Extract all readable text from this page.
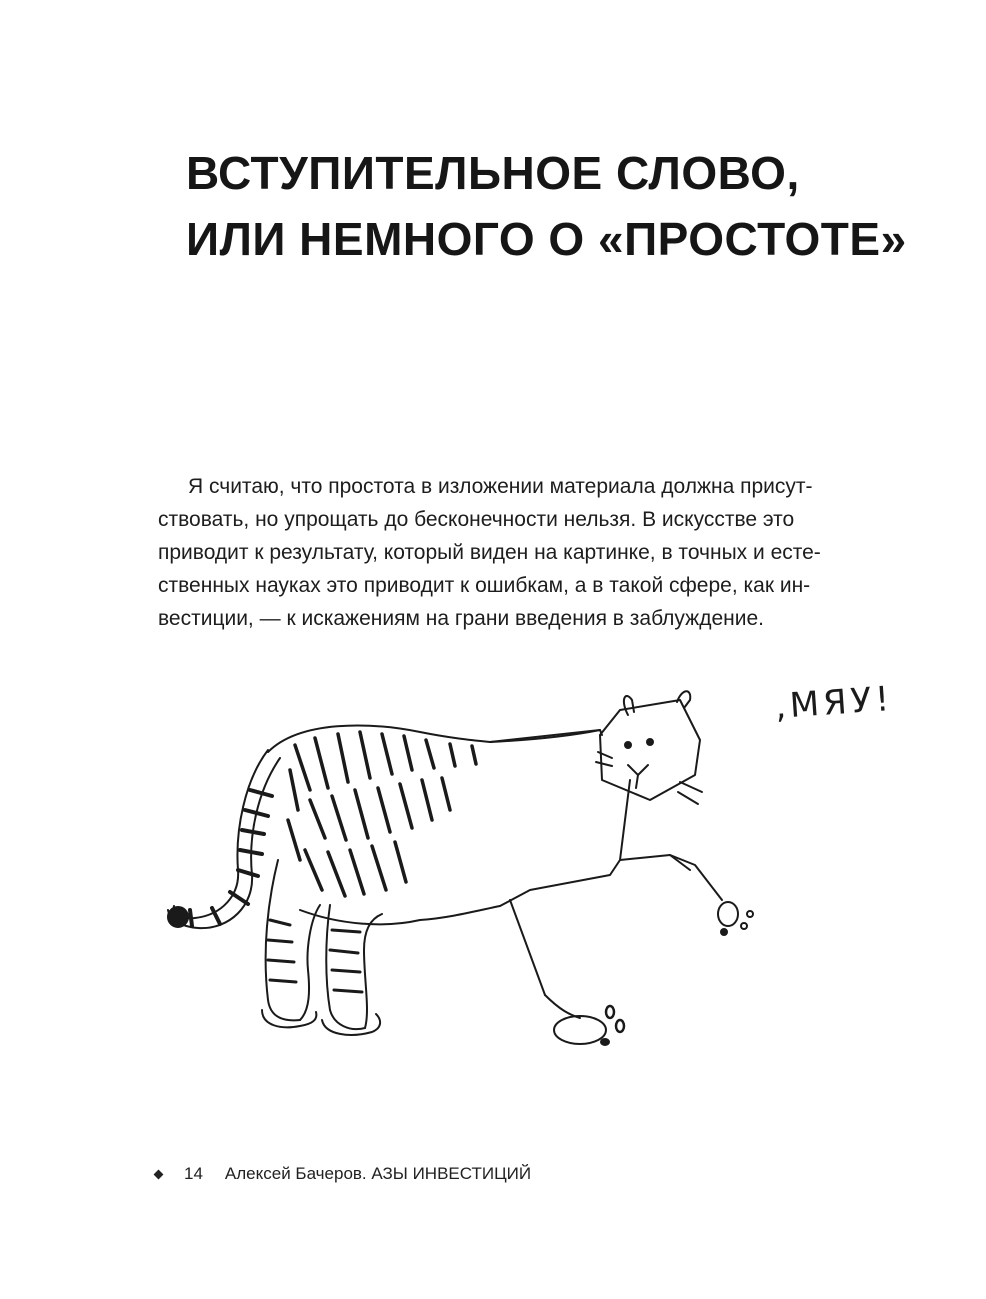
ВСТУПИТЕЛЬНОЕ СЛОВО,
ИЛИ НЕМНОГО О «ПРОСТОТЕ»
Я считаю, что простота в изложении материала должна присут-
ствовать, но упрощать до бесконечности нельзя. В искусстве это
приводит к результату, который виден на картинке, в точных и есте-
ственных науках это приводит к ошибкам, а в такой сфере, как ин-
вестиции, — к искажениям на грани введения в заблуждение.
,МЯУ!
14 Алексей Бачеров.
АЗЫ ИНВЕСТИЦИЙ
